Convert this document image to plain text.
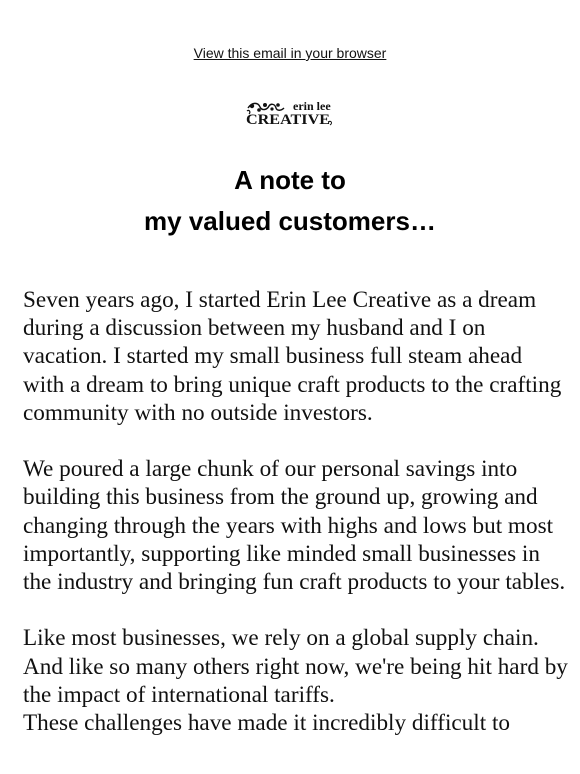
View this email in your browser
erin lee
CREATIVE
A note to
my valued customers…

Seven years ago, I started Erin Lee Creative as a dream during a discussion between my husband and I on vacation. I started my small business full steam ahead with a dream to bring unique craft products to the crafting community with no outside investors.

We poured a large chunk of our personal savings into building this business from the ground up, growing and changing through the years with highs and lows but most importantly, supporting like minded small businesses in the industry and bringing fun craft products to your tables.

Like most businesses, we rely on a global supply chain. And like so many others right now, we're being hit hard by the impact of international tariffs.

These challenges have made it incredibly difficult to
